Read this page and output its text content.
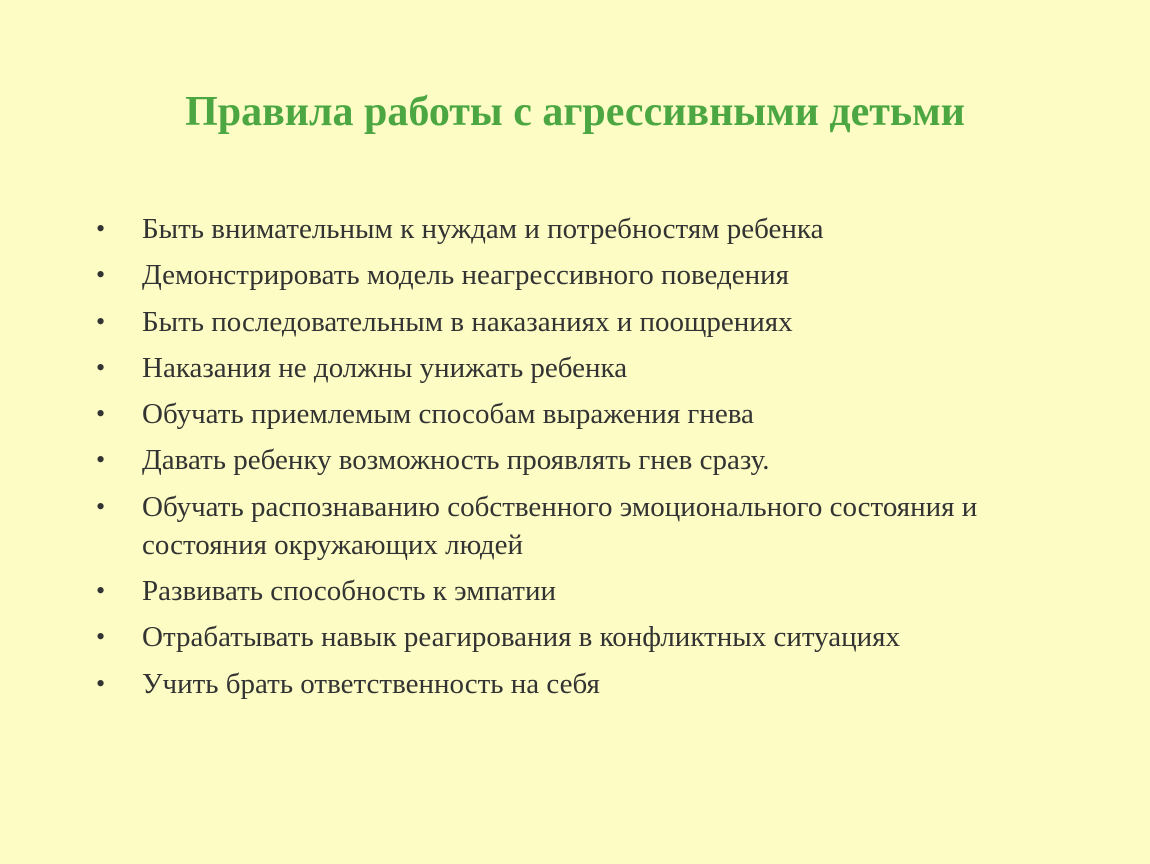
Правила работы с агрессивными детьми
•	Быть внимательным к нуждам и потребностям ребенка
•	Демонстрировать модель неагрессивного поведения
•	Быть последовательным в наказаниях и поощрениях
•	Наказания не должны унижать ребенка
•	Обучать приемлемым способам выражения гнева
•	Давать ребенку возможность проявлять гнев сразу.
•	Обучать распознаванию собственного эмоционального состояния и состояния окружающих людей
•	Развивать способность к эмпатии
•	Отрабатывать навык реагирования в конфликтных ситуациях
•	Учить брать ответственность на себя
